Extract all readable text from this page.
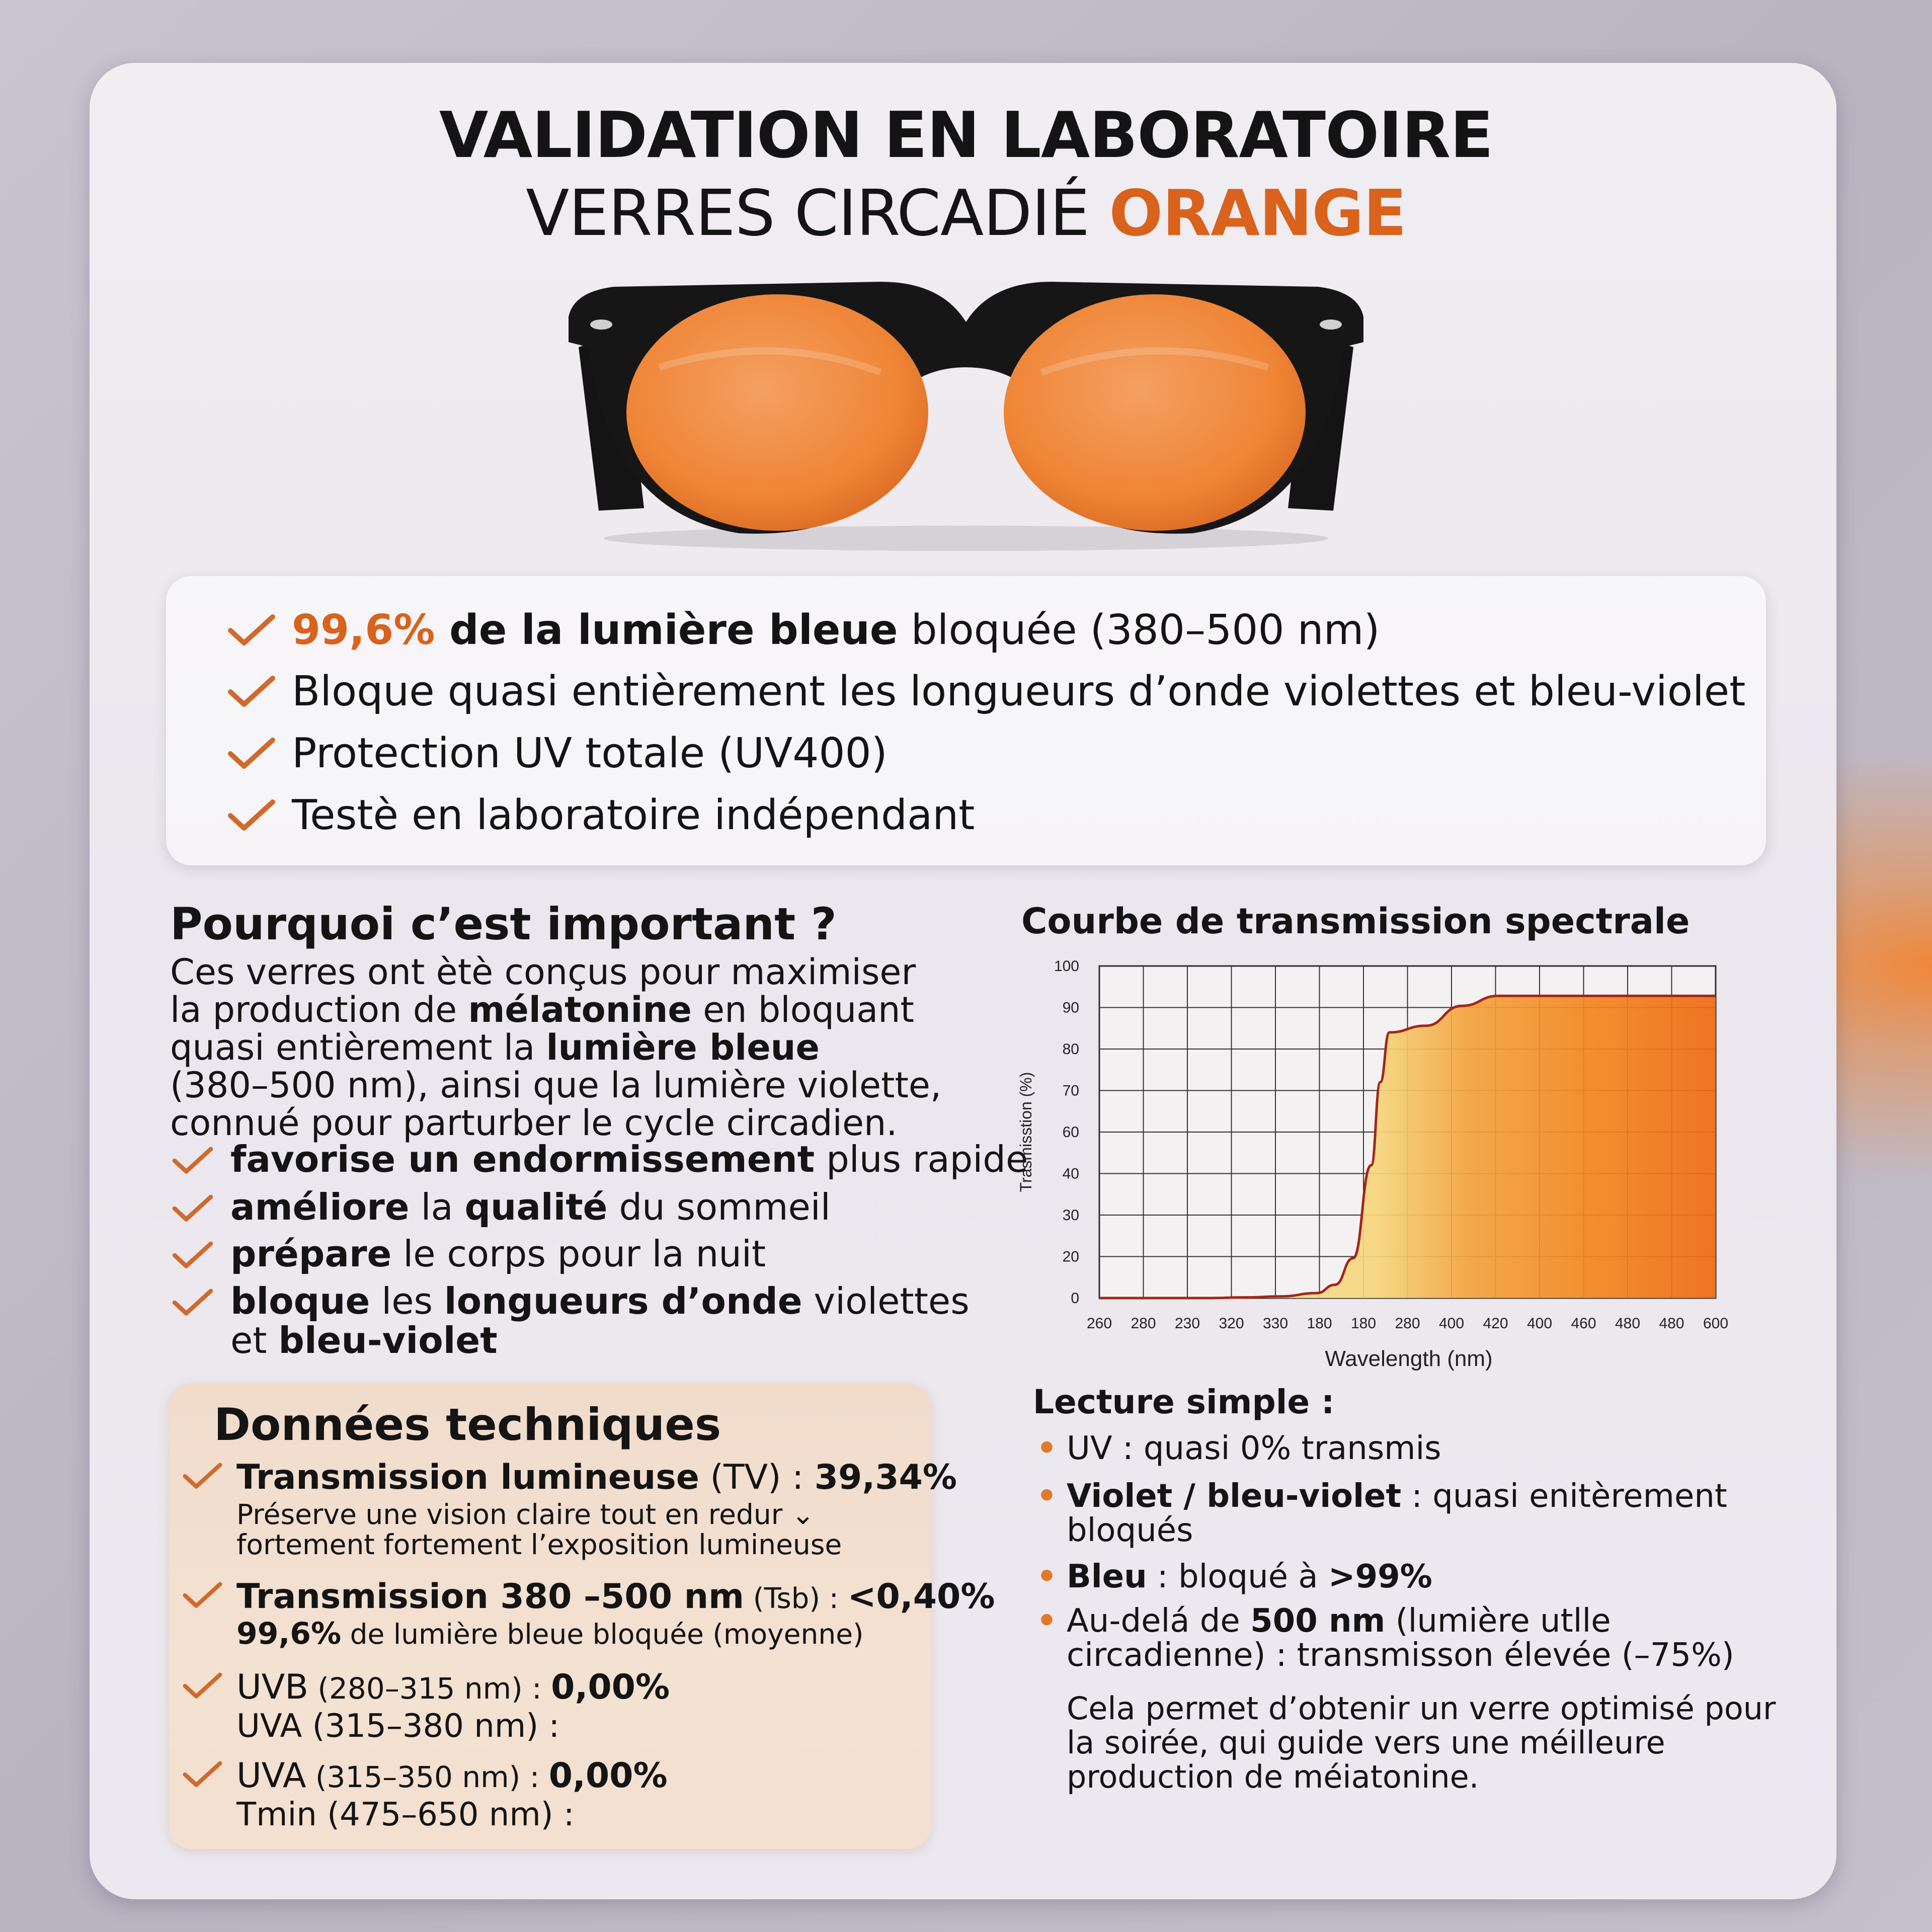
VALIDATION EN LABORATOIRE
VERRES CIRCADIÉ ORANGE
99,6% de la lumière bleue bloquée (380–500 nm)
Bloque quasi entièrement les longueurs d’onde violettes et bleu-violet
Protection UV totale (UV400)
Testè en laboratoire indépendant
Pourquoi c’est important ?
Ces verres ont ètè conçus pour maximiser
la production de mélatonine en bloquant
quasi entièrement la lumière bleue
(380–500 nm), ainsi que la lumière violette,
connué pour parturber le cycle circadien.
favorise un endormissement plus rapide
améliore la qualité du sommeil
prépare le corps pour la nuit
bloque les longueurs d’onde violettes
et bleu-violet
Données techniques
Transmission lumineuse (TV) : 39,34%
Préserve une vision claire tout en redur ⌄
fortement fortement l’exposition lumineuse
Transmission 380 –500 nm (Tsb) : <0,40%
99,6% de lumière bleue bloquée (moyenne)
UVB (280–315 nm) : 0,00%
UVA (315–380 nm) :
UVA (315–350 nm) : 0,00%
Tmin (475–650 nm) :
Courbe de transmission spectrale
0
20
30
40
60
70
80
90
100
260 280 230 320 330 180 180 280 400 420 400 460 480 480 600
Trasmisstion (%)
Wavelength (nm)
Lecture simple :
• UV : quasi 0% transmis
• Violet / bleu-violet : quasi enitèrement
bloqués
• Bleu : bloqué à >99%
• Au-delá de 500 nm (lumière utlle
circadienne) : transmisson élevée (–75%)
Cela permet d’obtenir un verre optimisé pour
la soirée, qui guide vers une méilleure
production de méiatonine.
